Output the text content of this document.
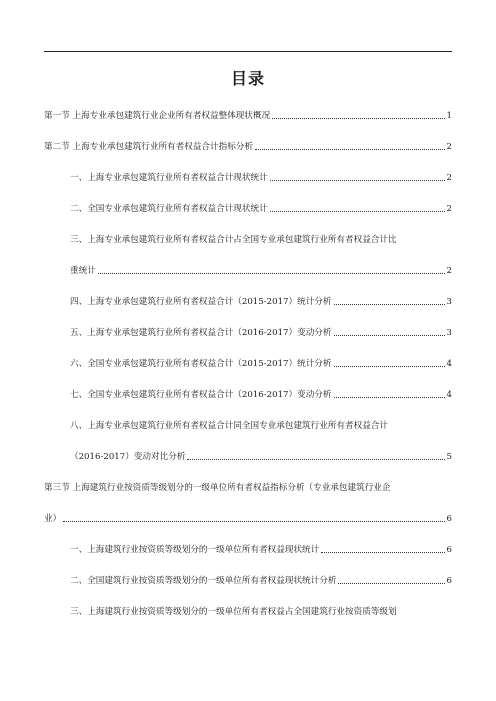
目录
第一节 上海专业承包建筑行业企业所有者权益整体现状概况	1
第二节 上海专业承包建筑行业所有者权益合计指标分析	2
一、上海专业承包建筑行业所有者权益合计现状统计	2
二、全国专业承包建筑行业所有者权益合计现状统计	2
三、上海专业承包建筑行业所有者权益合计占全国专业承包建筑行业所有者权益合计比
重统计	2
四、上海专业承包建筑行业所有者权益合计（2015-2017）统计分析	3
五、上海专业承包建筑行业所有者权益合计（2016-2017）变动分析	3
六、全国专业承包建筑行业所有者权益合计（2015-2017）统计分析	4
七、全国专业承包建筑行业所有者权益合计（2016-2017）变动分析	4
八、上海专业承包建筑行业所有者权益合计同全国专业承包建筑行业所有者权益合计
（2016-2017）变动对比分析	5
第三节 上海建筑行业按资质等级划分的一级单位所有者权益指标分析（专业承包建筑行业企
业）	6
一、上海建筑行业按资质等级划分的一级单位所有者权益现状统计	6
二、全国建筑行业按资质等级划分的一级单位所有者权益现状统计分析	6
三、上海建筑行业按资质等级划分的一级单位所有者权益占全国建筑行业按资质等级划
